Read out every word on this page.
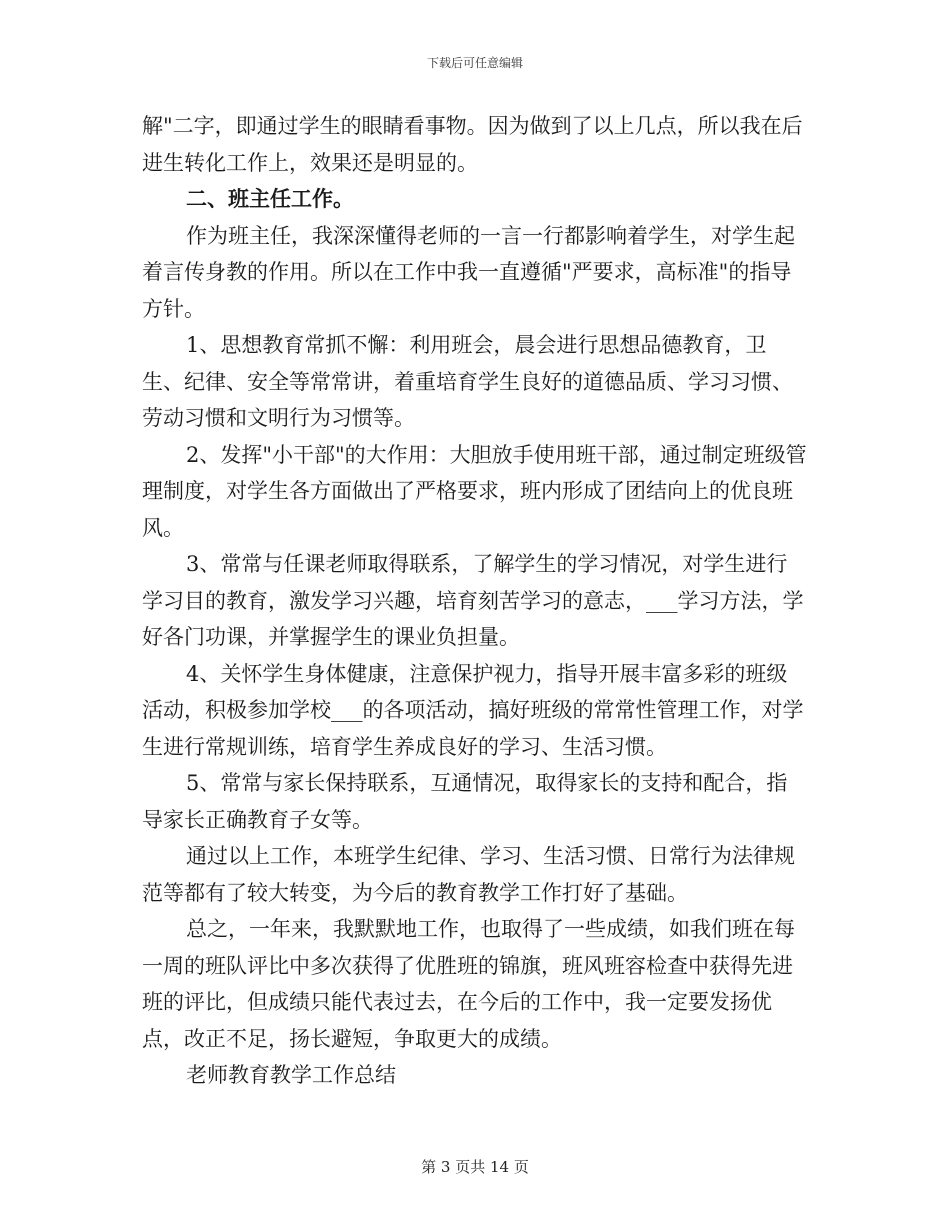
下载后可任意编辑

解"二字，即通过学生的眼睛看事物。因为做到了以上几点，所以我在后进生转化工作上，效果还是明显的。

二、班主任工作。

作为班主任，我深深懂得老师的一言一行都影响着学生，对学生起着言传身教的作用。所以在工作中我一直遵循"严要求，高标准"的指导方针。

1、思想教育常抓不懈：利用班会，晨会进行思想品德教育，卫生、纪律、安全等常常讲，着重培育学生良好的道德品质、学习习惯、劳动习惯和文明行为习惯等。

2、发挥"小干部"的大作用：大胆放手使用班干部，通过制定班级管理制度，对学生各方面做出了严格要求，班内形成了团结向上的优良班风。

3、常常与任课老师取得联系，了解学生的学习情况，对学生进行学习目的教育，激发学习兴趣，培育刻苦学习的意志，___学习方法，学好各门功课，并掌握学生的课业负担量。

4、关怀学生身体健康，注意保护视力，指导开展丰富多彩的班级活动，积极参加学校___的各项活动，搞好班级的常常性管理工作，对学生进行常规训练，培育学生养成良好的学习、生活习惯。

5、常常与家长保持联系，互通情况，取得家长的支持和配合，指导家长正确教育子女等。

通过以上工作，本班学生纪律、学习、生活习惯、日常行为法律规范等都有了较大转变，为今后的教育教学工作打好了基础。

总之，一年来，我默默地工作，也取得了一些成绩，如我们班在每一周的班队评比中多次获得了优胜班的锦旗，班风班容检查中获得先进班的评比，但成绩只能代表过去，在今后的工作中，我一定要发扬优点，改正不足，扬长避短，争取更大的成绩。

老师教育教学工作总结

第 3 页共 14 页
